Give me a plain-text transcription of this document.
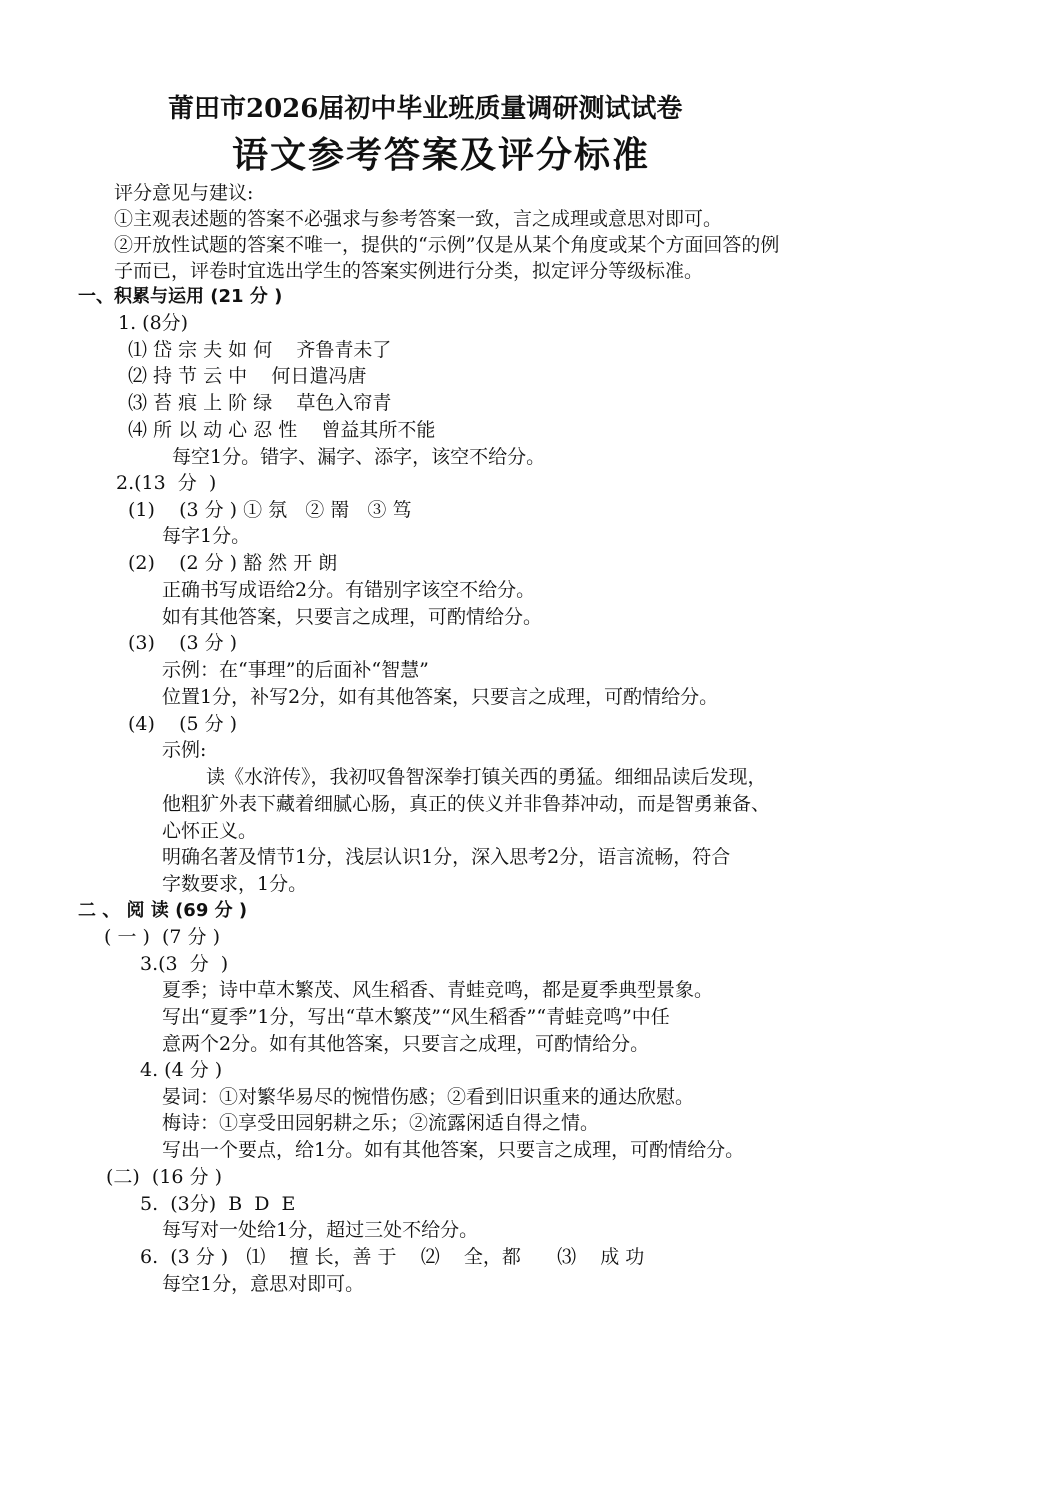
莆田市2026届初中毕业班质量调研测试试卷
语文参考答案及评分标准
评分意见与建议:
①主观表述题的答案不必强求与参考答案一致，言之成理或意思对即可。
②开放性试题的答案不唯一，提供的“示例”仅是从某个角度或某个方面回答的例
子而已，评卷时宜选出学生的答案实例进行分类，拟定评分等级标准。
一、积累与运用 (21 分 )
1. (8分)
⑴ 岱 宗 夫 如 何    齐鲁青未了
⑵ 持 节 云 中    何日遣冯唐
⑶ 苔 痕 上 阶 绿    草色入帘青
⑷ 所 以 动 心 忍 性    曾益其所不能
每空1分。错字、漏字、添字，该空不给分。
2.(13  分  )
(1)    (3 分 ) ① 氛   ② 罱   ③ 笃
每字1分。
(2)    (2 分 ) 豁 然 开 朗
正确书写成语给2分。有错别字该空不给分。
如有其他答案，只要言之成理，可酌情给分。
(3)    (3 分 )
示例：在“事理”的后面补“智慧”
位置1分，补写2分，如有其他答案，只要言之成理，可酌情给分。
(4)    (5 分 )
示例:
读《水浒传》，我初叹鲁智深拳打镇关西的勇猛。细细品读后发现，
他粗犷外表下藏着细腻心肠，真正的侠义并非鲁莽冲动，而是智勇兼备、
心怀正义。
明确名著及情节1分，浅层认识1分，深入思考2分，语言流畅，符合
字数要求，1分。
二 、 阅 读 (69 分 )
( 一 )  (7 分 )
3.(3  分  )
夏季；诗中草木繁茂、风生稻香、青蛙竞鸣，都是夏季典型景象。
写出“夏季”1分，写出“草木繁茂”“风生稻香”“青蛙竞鸣”中任
意两个2分。如有其他答案，只要言之成理，可酌情给分。
4. (4 分 )
晏词：①对繁华易尽的惋惜伤感；②看到旧识重来的通达欣慰。
梅诗：①享受田园躬耕之乐；②流露闲适自得之情。
写出一个要点，给1分。如有其他答案，只要言之成理，可酌情给分。
(二)  (16 分 )
5.  (3分)  B  D  E
每写对一处给1分，超过三处不给分。
6.  (3 分 )   ⑴    擅 长，善 于    ⑵    全，都      ⑶    成 功
每空1分，意思对即可。
